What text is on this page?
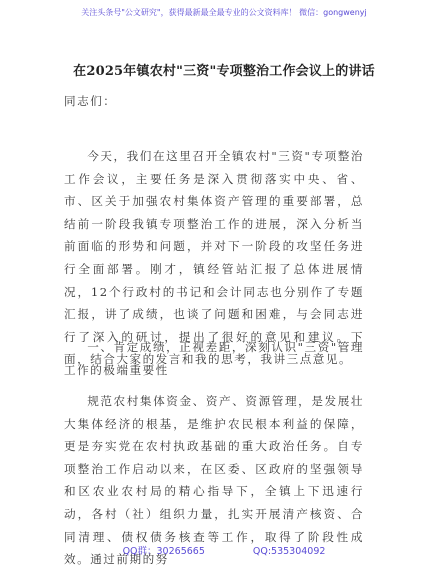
关注头条号"公文研究"，获得最新最全最专业的公文资料库！ 微信：gongwenyj
在2025年镇农村"三资"专项整治工作会议上的讲话
同志们：
今天，我们在这里召开全镇农村"三资"专项整治工作会议，主要任务是深入贯彻落实中央、省、市、区关于加强农村集体资产管理的重要部署，总结前一阶段我镇专项整治工作的进展，深入分析当前面临的形势和问题，并对下一阶段的攻坚任务进行全面部署。刚才，镇经管站汇报了总体进展情况，12个行政村的书记和会计同志也分别作了专题汇报，讲了成绩，也谈了问题和困难，与会同志进行了深入的研讨，提出了很好的意见和建议。下面，结合大家的发言和我的思考，我讲三点意见。
一、肯定成绩，正视差距，深刻认识"三资"管理工作的极端重要性
规范农村集体资金、资产、资源管理，是发展壮大集体经济的根基，是维护农民根本利益的保障，更是夯实党在农村执政基础的重大政治任务。自专项整治工作启动以来，在区委、区政府的坚强领导和区农业农村局的精心指导下，全镇上下迅速行动，各村（社）组织力量，扎实开展清产核资、合同清理、债权债务核查等工作，取得了阶段性成效。通过前期的努
QQ群：30265665	QQ:535304092
